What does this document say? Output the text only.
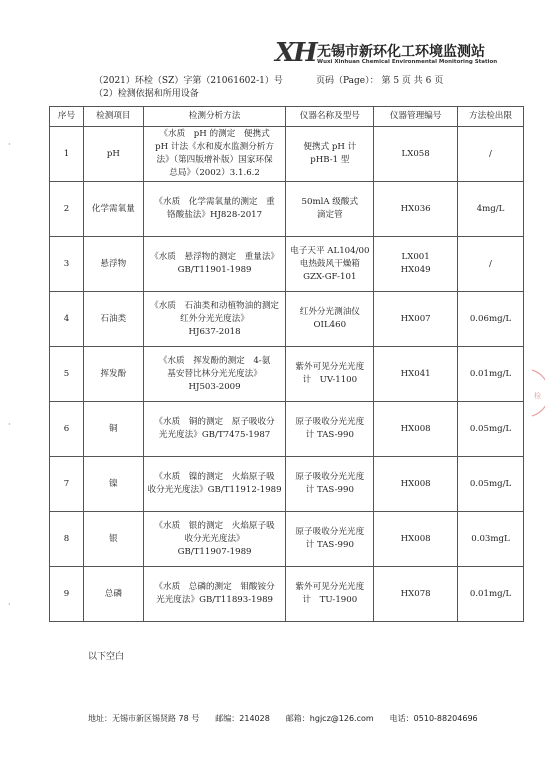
XH 无锡市新环化工环境监测站
Wuxi Xinhuan Chemical Environmental Monitoring Station
（2021）环检（SZ）字第（21061602-1）号	页码（Page）： 第 5 页 共 6 页
（2）检测依据和所用设备
检
·
·
·
序号	检测项目	检测分析方法	仪器名称及型号	仪器管理编号	方法检出限
1	pH	《水质　pH 的测定　便携式
pH 计法《水和废水监测分析方
法》（第四版增补版）国家环保
总局》（2002）3.1.6.2	便携式 pH 计
pHB-1 型	LX058	/
2	化学需氧量	《水质　化学需氧量的测定　重
铬酸盐法》HJ828-2017	50mlA 级酸式
滴定管	HX036	4mg/L
3	悬浮物	《水质　悬浮物的测定　重量法》
GB/T11901-1989	电子天平 AL104/00
电热鼓风干燥箱
GZX-GF-101	LX001
HX049	/
4	石油类	《水质　石油类和动植物油的测定
红外分光光度法》
HJ637-2018	红外分光测油仪
OIL460	HX007	0.06mg/L
5	挥发酚	《水质　挥发酚的测定　4-氨
基安替比林分光光度法》
HJ503-2009	紫外可见分光光度
计　UV-1100	HX041	0.01mg/L
6	铜	《水质　铜的测定　原子吸收分
光光度法》GB/T7475-1987	原子吸收分光光度
计 TAS-990	HX008	0.05mg/L
7	镍	《水质　镍的测定　火焰原子吸
收分光光度法》GB/T11912-1989	原子吸收分光光度
计 TAS-990	HX008	0.05mg/L
8	银	《水质　银的测定　火焰原子吸
收分光光度法》
GB/T11907-1989	原子吸收分光光度
计 TAS-990	HX008	0.03mgL
9	总磷	《水质　总磷的测定　钼酸铵分
光光度法》GB/T11893-1989	紫外可见分光光度
计　TU-1900	HX078	0.01mg/L
以下空白
地址：无锡市新区锡贤路 78 号　　邮编：214028　　邮箱：hgjcz@126.com　　电话：0510-88204696
